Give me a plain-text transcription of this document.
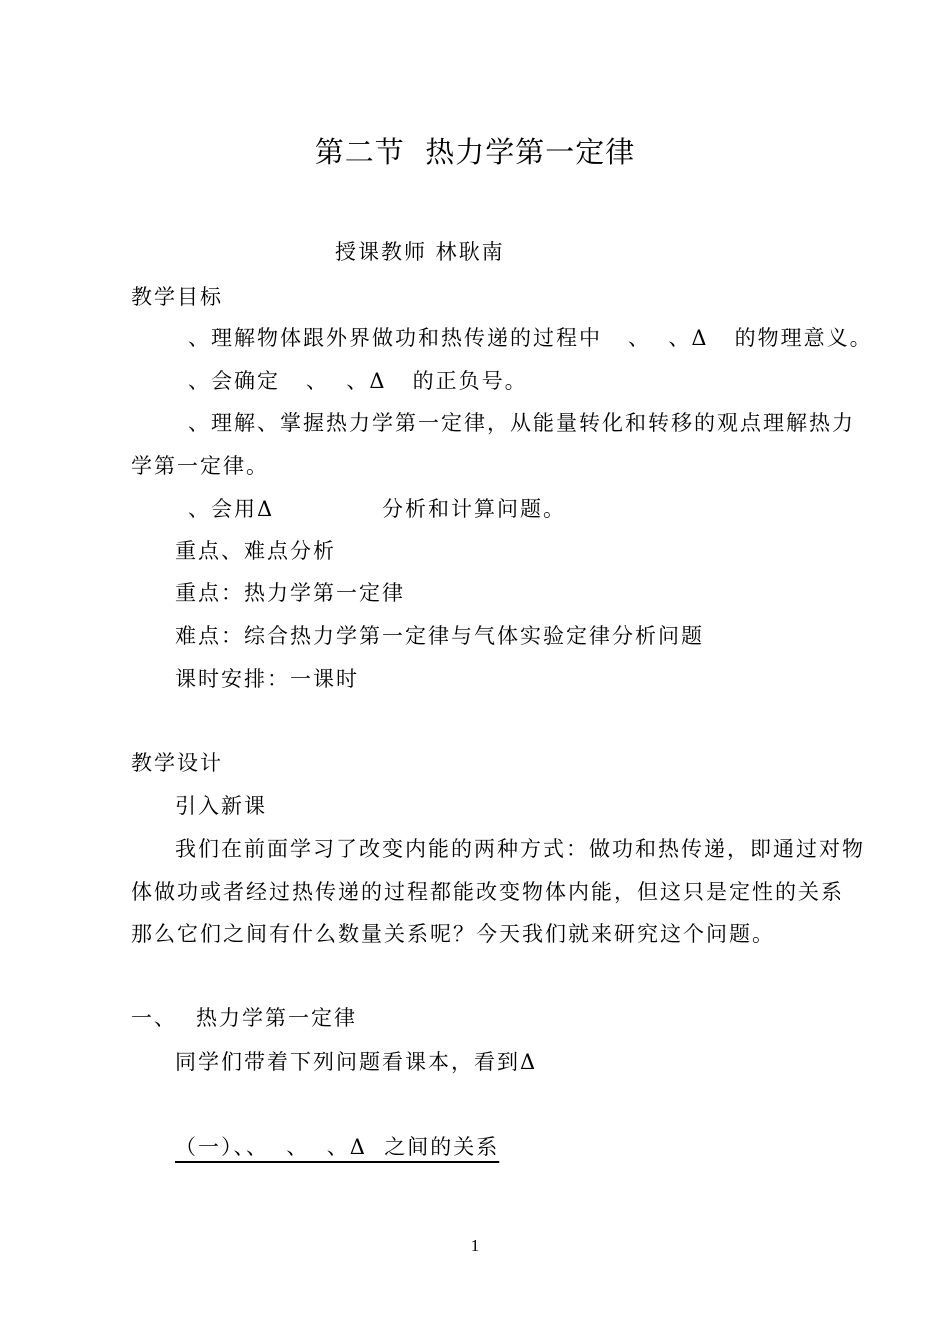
第二节  热力学第一定律
授课教师 林耿南
教学目标
、理解物体跟外界做功和热传递的过程中   、  、Δ   的物理意义。
、会确定   、  、Δ   的正负号。
、理解、掌握热力学第一定律，从能量转化和转移的观点理解热力
学第一定律。
、会用Δ	分析和计算问题。
重点、难点分析
重点：热力学第一定律
难点：综合热力学第一定律与气体实验定律分析问题
课时安排：一课时
教学设计
引入新课
我们在前面学习了改变内能的两种方式：做功和热传递，即通过对物
体做功或者经过热传递的过程都能改变物体内能，但这只是定性的关系
那么它们之间有什么数量关系呢？今天我们就来研究这个问题。
一、 热力学第一定律
同学们带着下列问题看课本，看到Δ
（一）、、  、  、Δ  之间的关系
1
